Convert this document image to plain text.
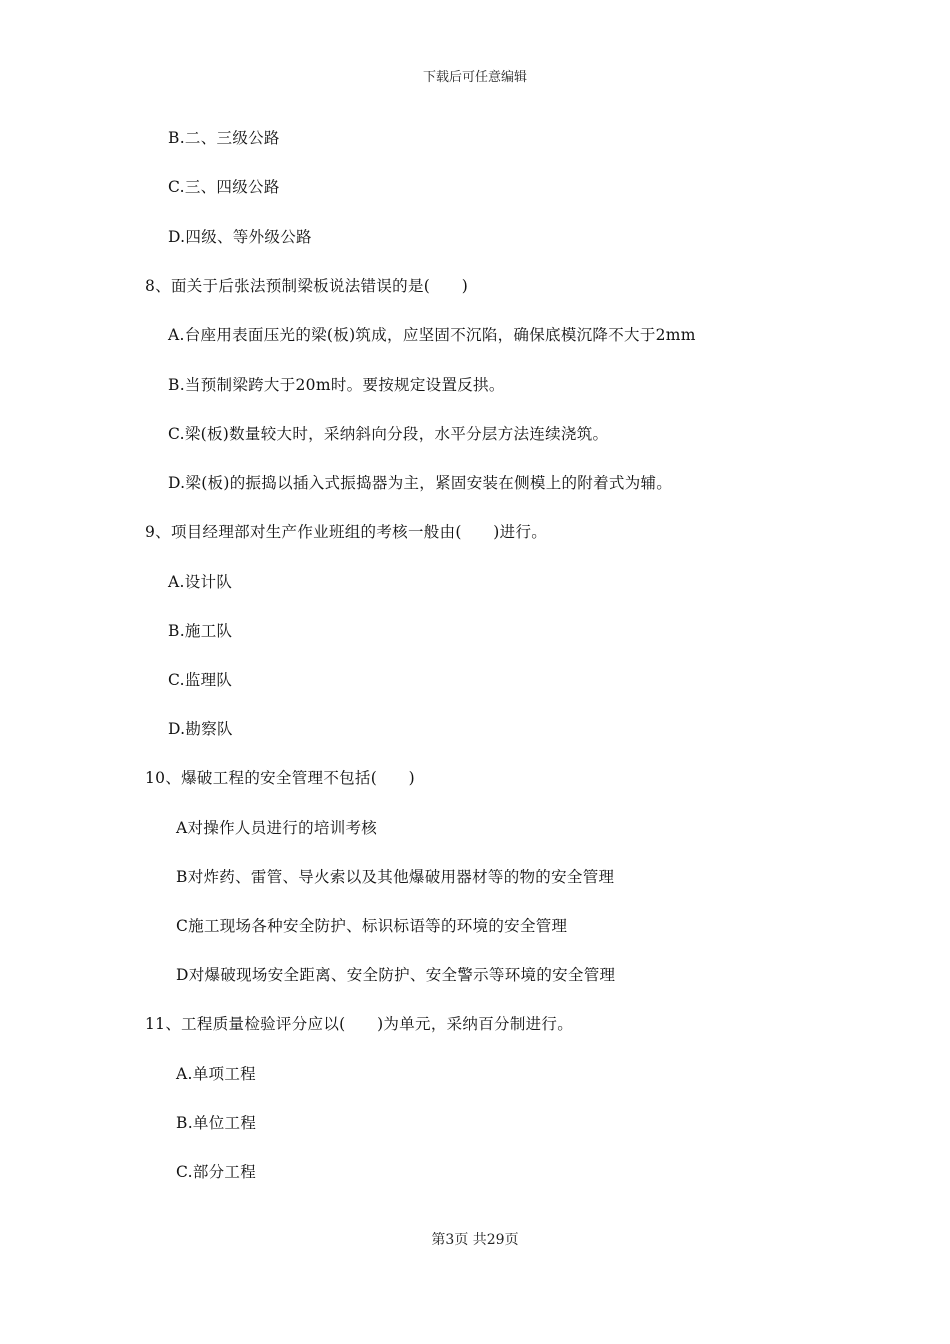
下载后可任意编辑
B.二、三级公路
C.三、四级公路
D.四级、等外级公路
8、面关于后张法预制梁板说法错误的是(　　)
A.台座用表面压光的梁(板)筑成，应坚固不沉陷，确保底模沉降不大于2mm
B.当预制梁跨大于20m时。要按规定设置反拱。
C.梁(板)数量较大时，采纳斜向分段，水平分层方法连续浇筑。
D.梁(板)的振捣以插入式振捣器为主，紧固安装在侧模上的附着式为辅。
9、项目经理部对生产作业班组的考核一般由(　　)进行。
A.设计队
B.施工队
C.监理队
D.勘察队
10、爆破工程的安全管理不包括(　　)
A对操作人员进行的培训考核
B对炸药、雷管、导火索以及其他爆破用器材等的物的安全管理
C施工现场各种安全防护、标识标语等的环境的安全管理
D对爆破现场安全距离、安全防护、安全警示等环境的安全管理
11、工程质量检验评分应以(　　)为单元，采纳百分制进行。
A.单项工程
B.单位工程
C.部分工程
第3页 共29页
